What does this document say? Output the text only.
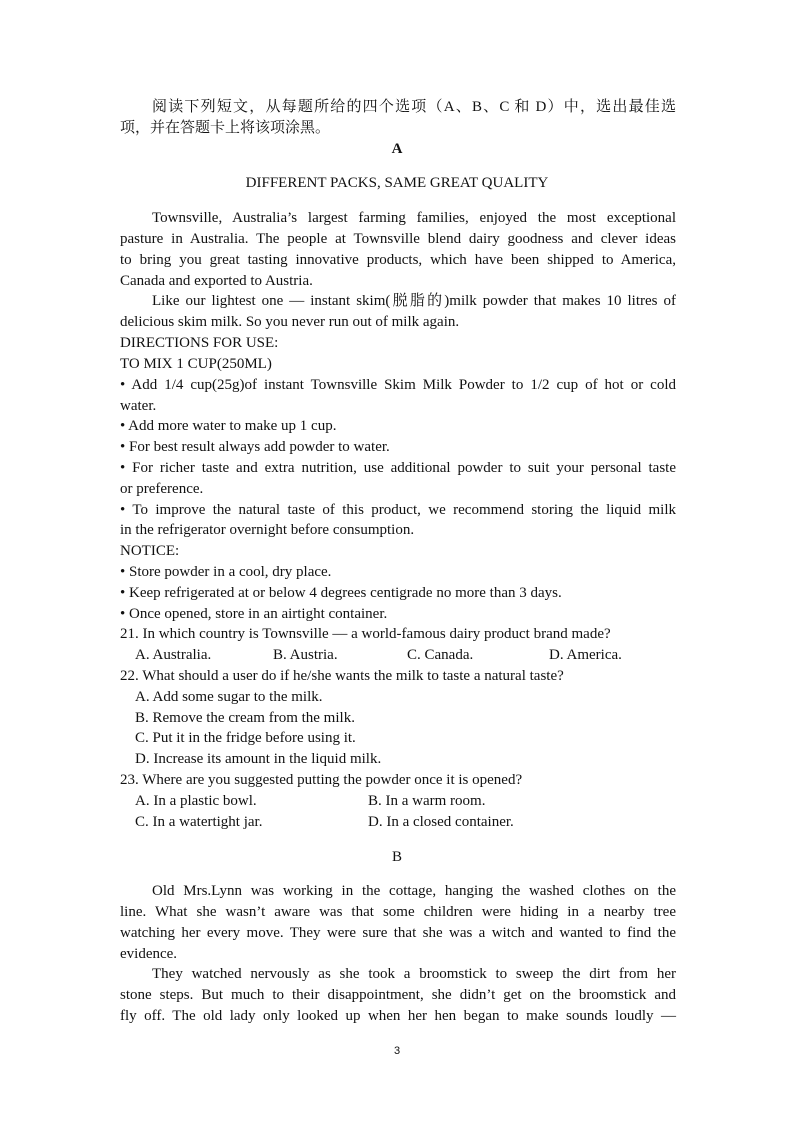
阅读下列短文，从每题所给的四个选项（A、B、C 和 D）中，选出最佳选
项，并在答题卡上将该项涂黑。
A
DIFFERENT PACKS, SAME GREAT QUALITY
Townsville, Australia’s largest farming families, enjoyed the most exceptional
pasture in Australia. The people at Townsville blend dairy goodness and clever ideas
to bring you great tasting innovative products, which have been shipped to America,
Canada and exported to Austria.
Like our lightest one — instant skim(脱脂的)milk powder that makes 10 litres of
delicious skim milk. So you never run out of milk again.
DIRECTIONS FOR USE:
TO MIX 1 CUP(250ML)
• Add 1/4 cup(25g)of instant Townsville Skim Milk Powder to 1/2 cup of hot or cold
water.
• Add more water to make up 1 cup.
• For best result always add powder to water.
• For richer taste and extra nutrition, use additional powder to suit your personal taste
or preference.
• To improve the natural taste of this product, we recommend storing the liquid milk
in the refrigerator overnight before consumption.
NOTICE:
• Store powder in a cool, dry place.
• Keep refrigerated at or below 4 degrees centigrade no more than 3 days.
• Once opened, store in an airtight container.
21. In which country is Townsville — a world-famous dairy product brand made?
A. Australia.	B. Austria.	C. Canada.	D. America.
22. What should a user do if he/she wants the milk to taste a natural taste?
A. Add some sugar to the milk.
B. Remove the cream from the milk.
C. Put it in the fridge before using it.
D. Increase its amount in the liquid milk.
23. Where are you suggested putting the powder once it is opened?
A. In a plastic bowl.	B. In a warm room.
C. In a watertight jar.	D. In a closed container.
B
Old Mrs.Lynn was working in the cottage, hanging the washed clothes on the
line. What she wasn’t aware was that some children were hiding in a nearby tree
watching her every move. They were sure that she was a witch and wanted to find the
evidence.
They watched nervously as she took a broomstick to sweep the dirt from her
stone steps. But much to their disappointment, she didn’t get on the broomstick and
fly off. The old lady only looked up when her hen began to make sounds loudly —
3
